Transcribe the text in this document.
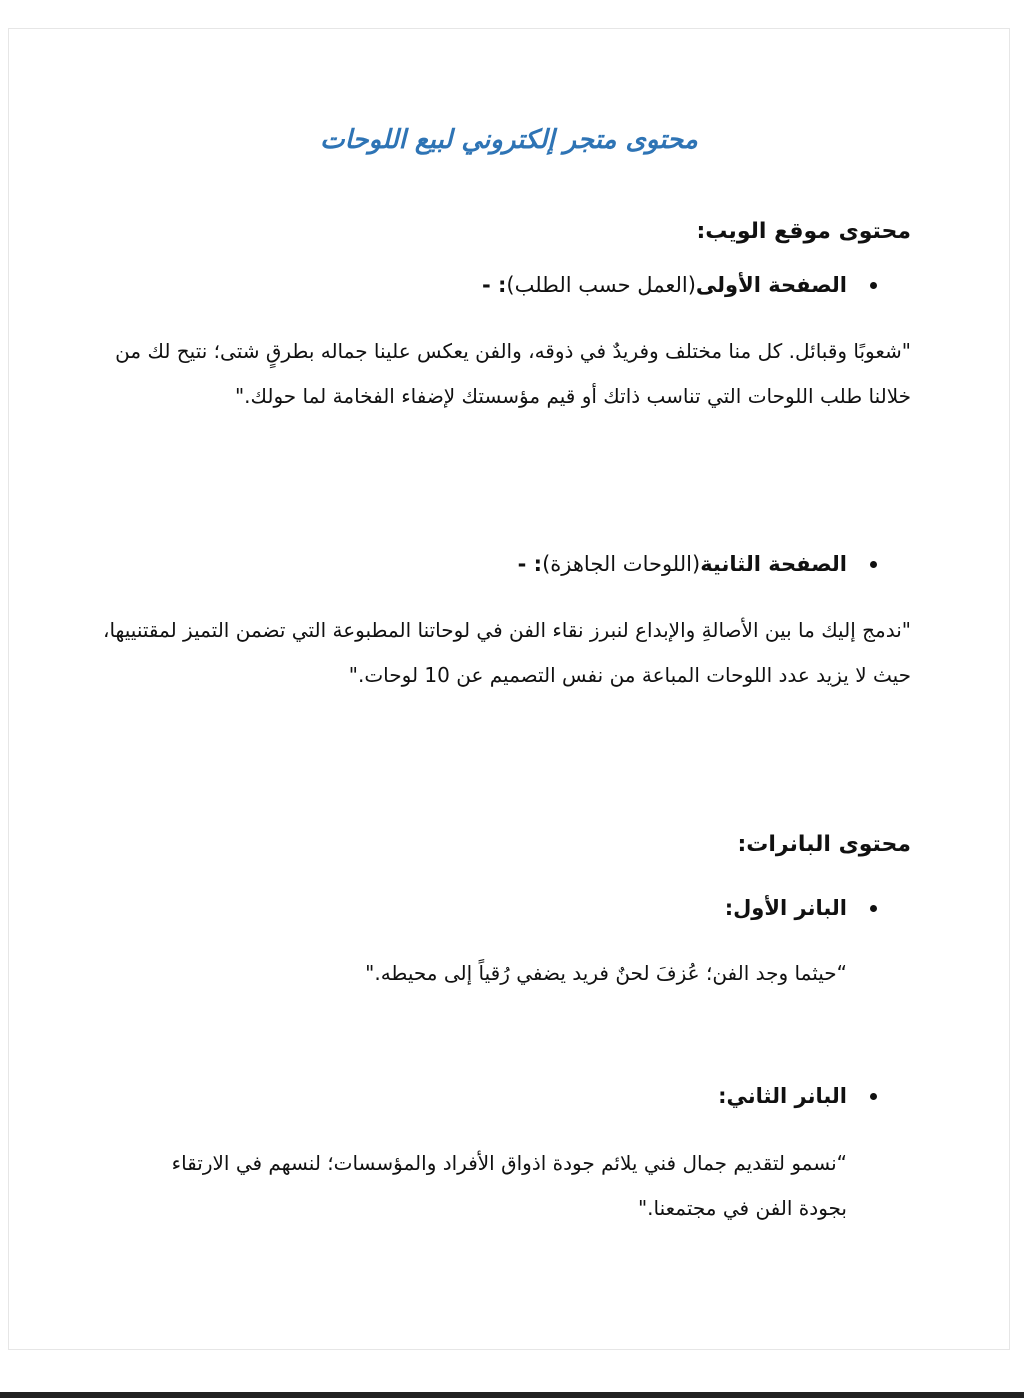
محتوى متجر إلكتروني لبيع اللوحات
محتوى موقع الويب:
الصفحة الأولى
(العمل حسب الطلب)
: -
"شعوبًا وقبائل. كل منا مختلف وفريدٌ في ذوقه، والفن يعكس علينا جماله بطرقٍ شتى؛ نتيح لك من خلالنا طلب اللوحات التي تناسب ذاتك أو قيم مؤسستك لإضفاء الفخامة لما حولك."
الصفحة الثانية
(اللوحات الجاهزة)
: -
"ندمج إليك ما بين الأصالةِ والإبداع لنبرز نقاء الفن في لوحاتنا المطبوعة التي تضمن التميز لمقتنييها، حيث لا يزيد عدد اللوحات المباعة من نفس التصميم عن 10 لوحات."
محتوى البانرات:
البانر الأول:
“حيثما وجد الفن؛ عُزفَ لحنٌ فريد يضفي رُقياً إلى محيطه."
البانر الثاني:
“نسمو لتقديم جمال فني يلائم جودة اذواق الأفراد والمؤسسات؛ لنسهم في الارتقاء بجودة الفن في مجتمعنا."
